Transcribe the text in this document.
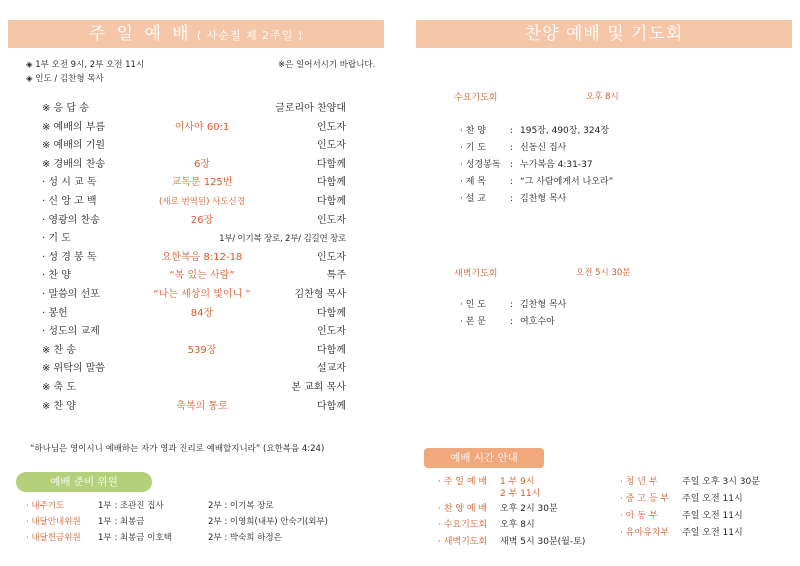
주 일 예 배 ( 사순절 제 2주일 )
◈ 1부 오전 9시, 2부 오전 11시
◈ 인도 / 김찬형 목사
※은 일어서시기 바랍니다.
※ 응 답 송	글로리아 찬양대
※ 예배의 부름	이사야 60:1	인도자
※ 예배의 기원	인도자
※ 경배의 찬송	6장	다함께
· 성 시 교 독	교독문 125번	다함께
· 신 앙 고 백	(새로 번역된) 사도신경	다함께
· 영광의 찬송	26장	인도자
· 기 도	1부/ 이기복 장로, 2부/ 김길연 장로
· 성 경 봉 독	요한복음 8:12-18	인도자
· 찬 양	“복 있는 사람”	특주
· 말씀의 선포	“나는 세상의 빛이니 ”	김찬형 목사
· 봉헌	84장	다함께
· 성도의 교제	인도자
※ 찬 송	539장	다함께
※ 위탁의 말씀	설교자
※ 축 도	본 교회 목사
※ 찬 양	축복의 통로	다함께
“하나님은 영이시니 예배하는 자가 영과 진리로 예배할지니라” (요한복음 4:24)
예배 준비 위원
· 내주기도	1부 : 조관진 집사	2부 : 이기복 장로
· 내달안내위원 1부 : 최봉금	2부 : 이영희(내부) 안숙기(외부)
· 내달헌금위원 1부 : 최봉금 이호택	2부 : 박숙희 하정은
찬양 예배 및 기도회
수요기도회	오후 8시
· 찬 양	: 195장, 490장, 324장
· 기 도	: 신동신 집사
· 성경봉독 : 누가복음 4:31-37
· 제 목	: “그 사람에게서 나오라”
· 설 교	: 김찬형 목사
새벽기도회	오전 5시 30분
· 인 도	: 김찬형 목사
· 본 문	: 여호수아
예배 시간 안내
· 주 일 예 배 1 부 9시
2 부 11시
· 찬 양 예 배 오후 2시 30분
· 수요기도회 오후 8시
· 새벽기도회 새벽 5시 30분(월-토)
· 청 년 부	주일 오후 3시 30분
· 중 고 등 부 주일 오전 11시
· 아 동 부	주일 오전 11시
· 유아유치부 주일 오전 11시
